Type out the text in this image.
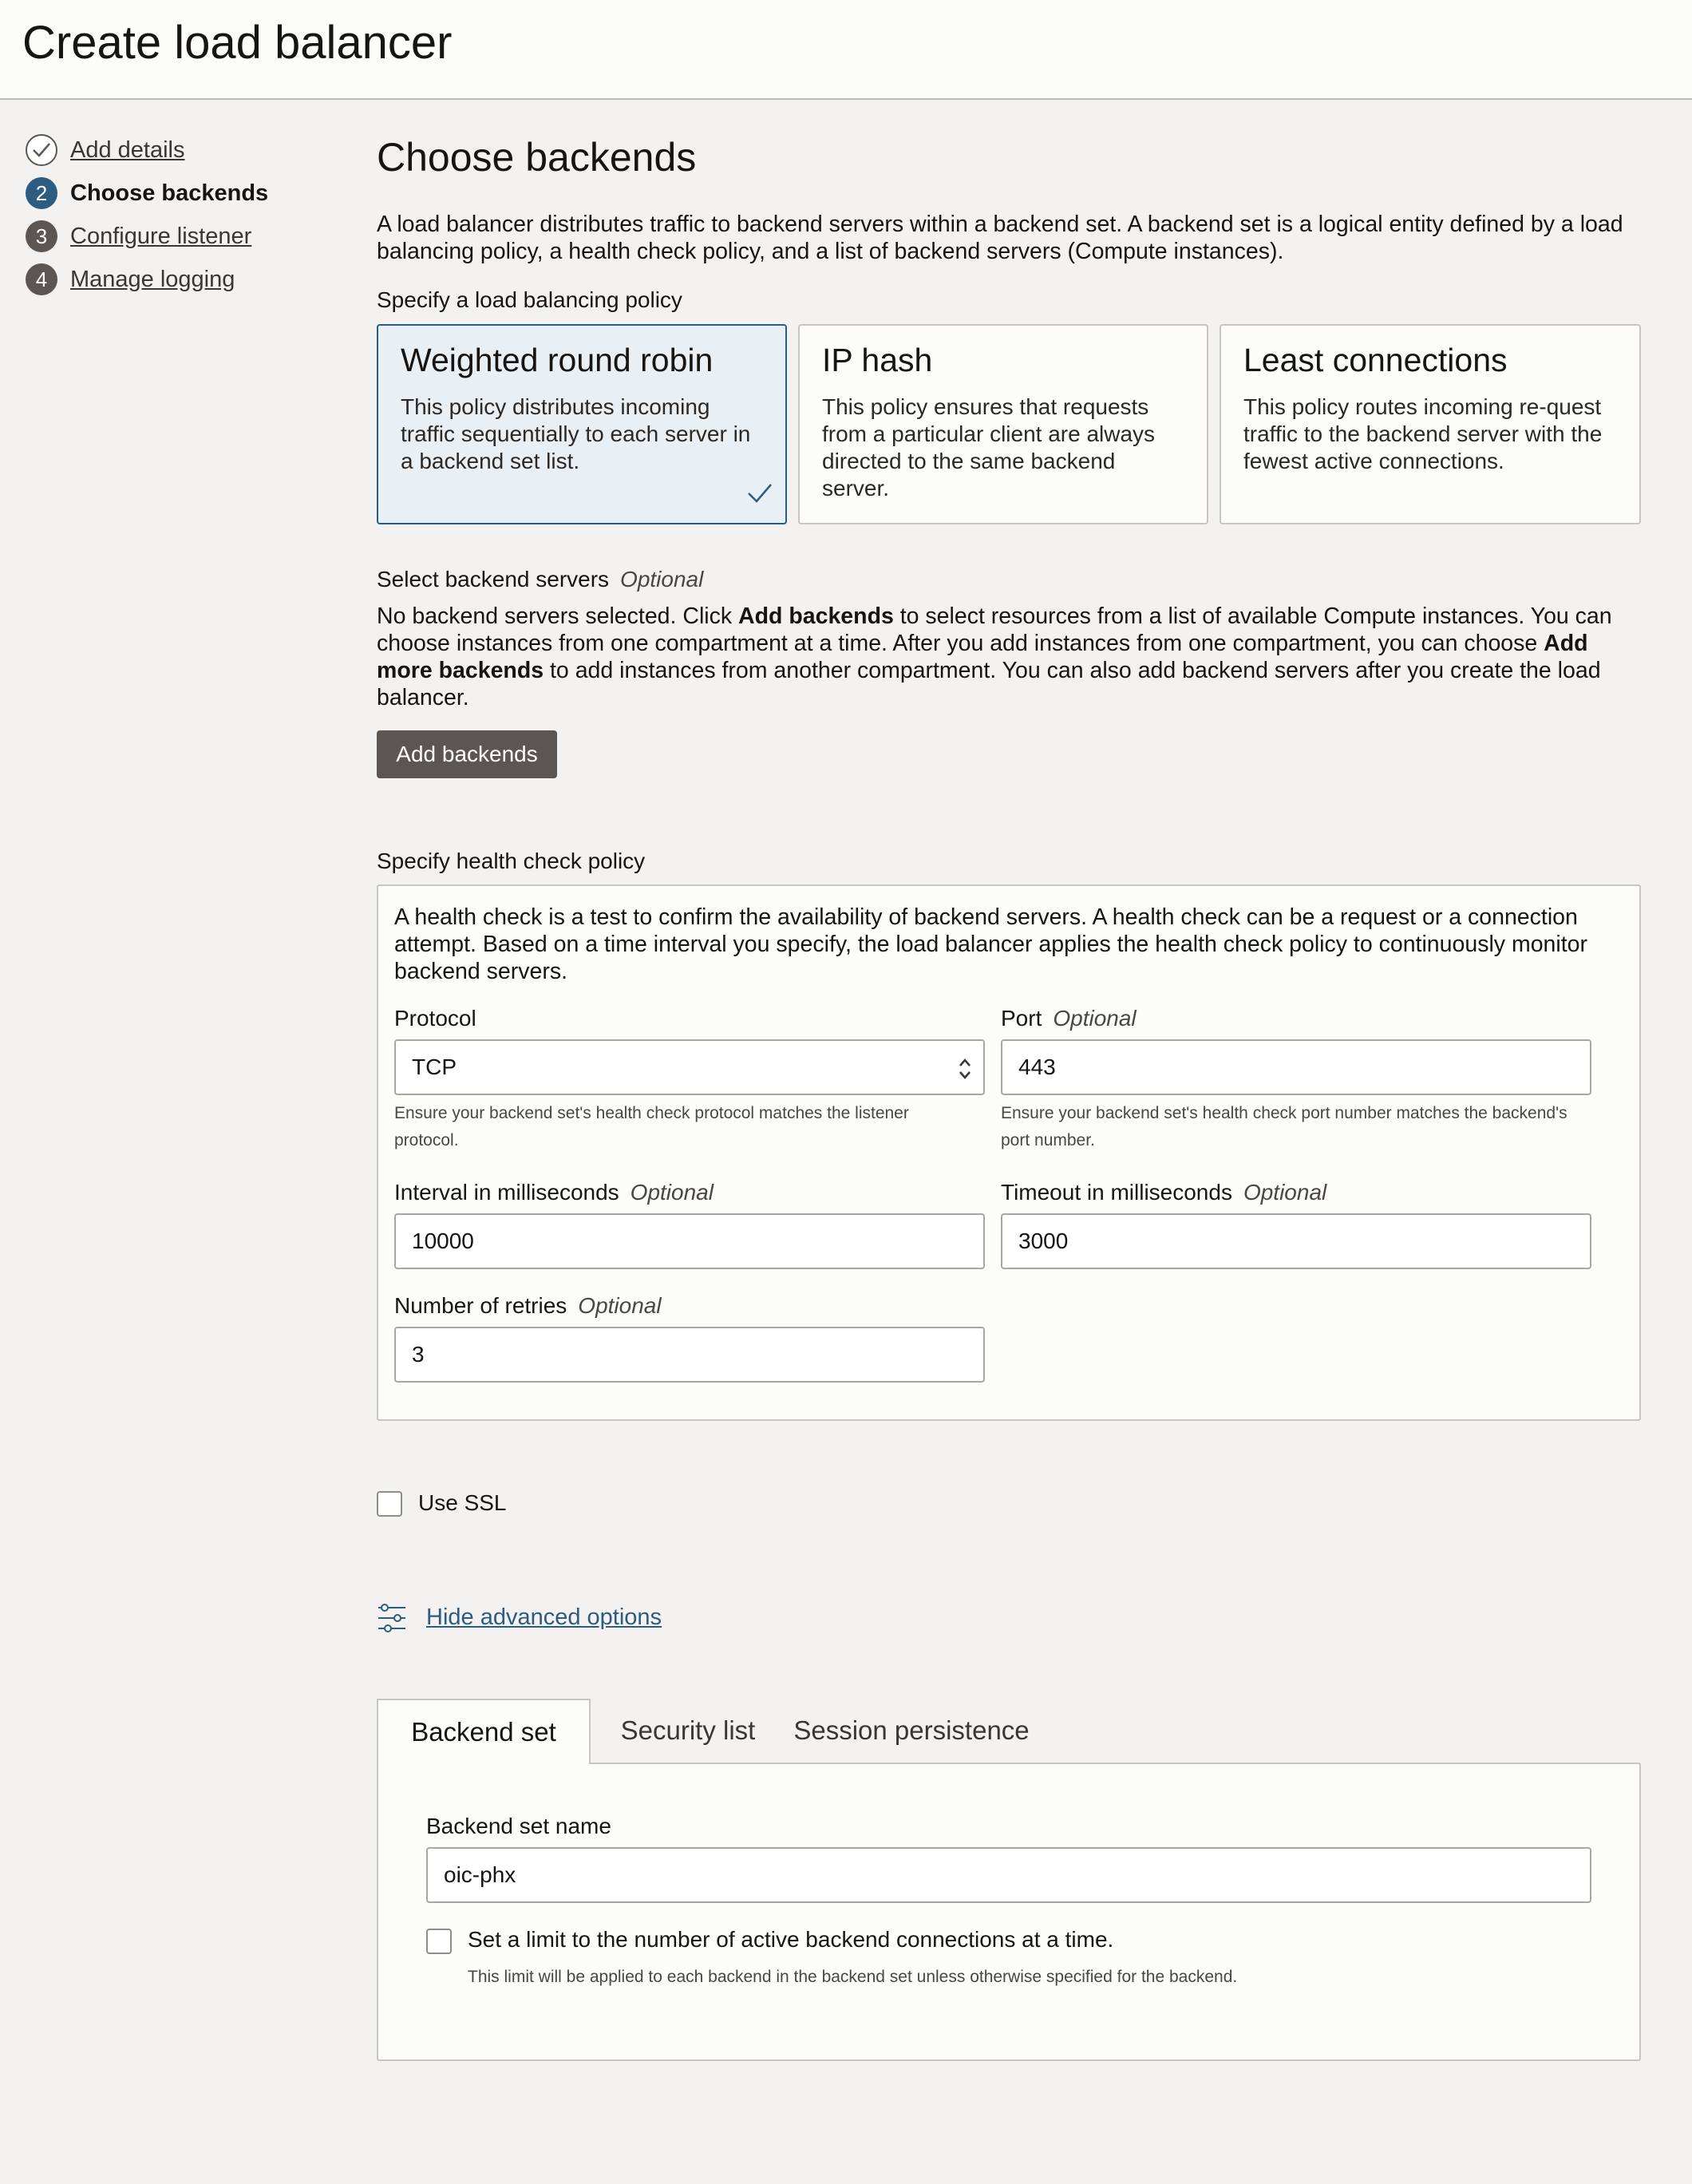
Create load balancer
Add details
2 Choose backends
3 Configure listener
4 Manage logging
Choose backends
A load balancer distributes traffic to backend servers within a backend set. A backend set is a logical entity defined by a load balancing policy, a health check policy, and a list of backend servers (Compute instances).
Specify a load balancing policy
Weighted round robin
This policy distributes incoming traffic sequentially to each server in a backend set list.
IP hash
This policy ensures that requests from a particular client are always directed to the same backend server.
Least connections
This policy routes incoming re-quest traffic to the backend server with the fewest active connections.
Select backend servers Optional
No backend servers selected. Click Add backends to select resources from a list of available Compute instances. You can choose instances from one compartment at a time. After you add instances from one compartment, you can choose Add more backends to add instances from another compartment. You can also add backend servers after you create the load balancer.
Add backends
Specify health check policy
A health check is a test to confirm the availability of backend servers. A health check can be a request or a connection attempt. Based on a time interval you specify, the load balancer applies the health check policy to continuously monitor backend servers.
Protocol
TCP
Ensure your backend set's health check protocol matches the listener protocol.
Port Optional
443
Ensure your backend set's health check port number matches the backend's port number.
Interval in milliseconds Optional
10000
Timeout in milliseconds Optional
3000
Number of retries Optional
3
Use SSL
Hide advanced options
Backend set	Security list	Session persistence
Backend set name
oic-phx
Set a limit to the number of active backend connections at a time.
This limit will be applied to each backend in the backend set unless otherwise specified for the backend.
